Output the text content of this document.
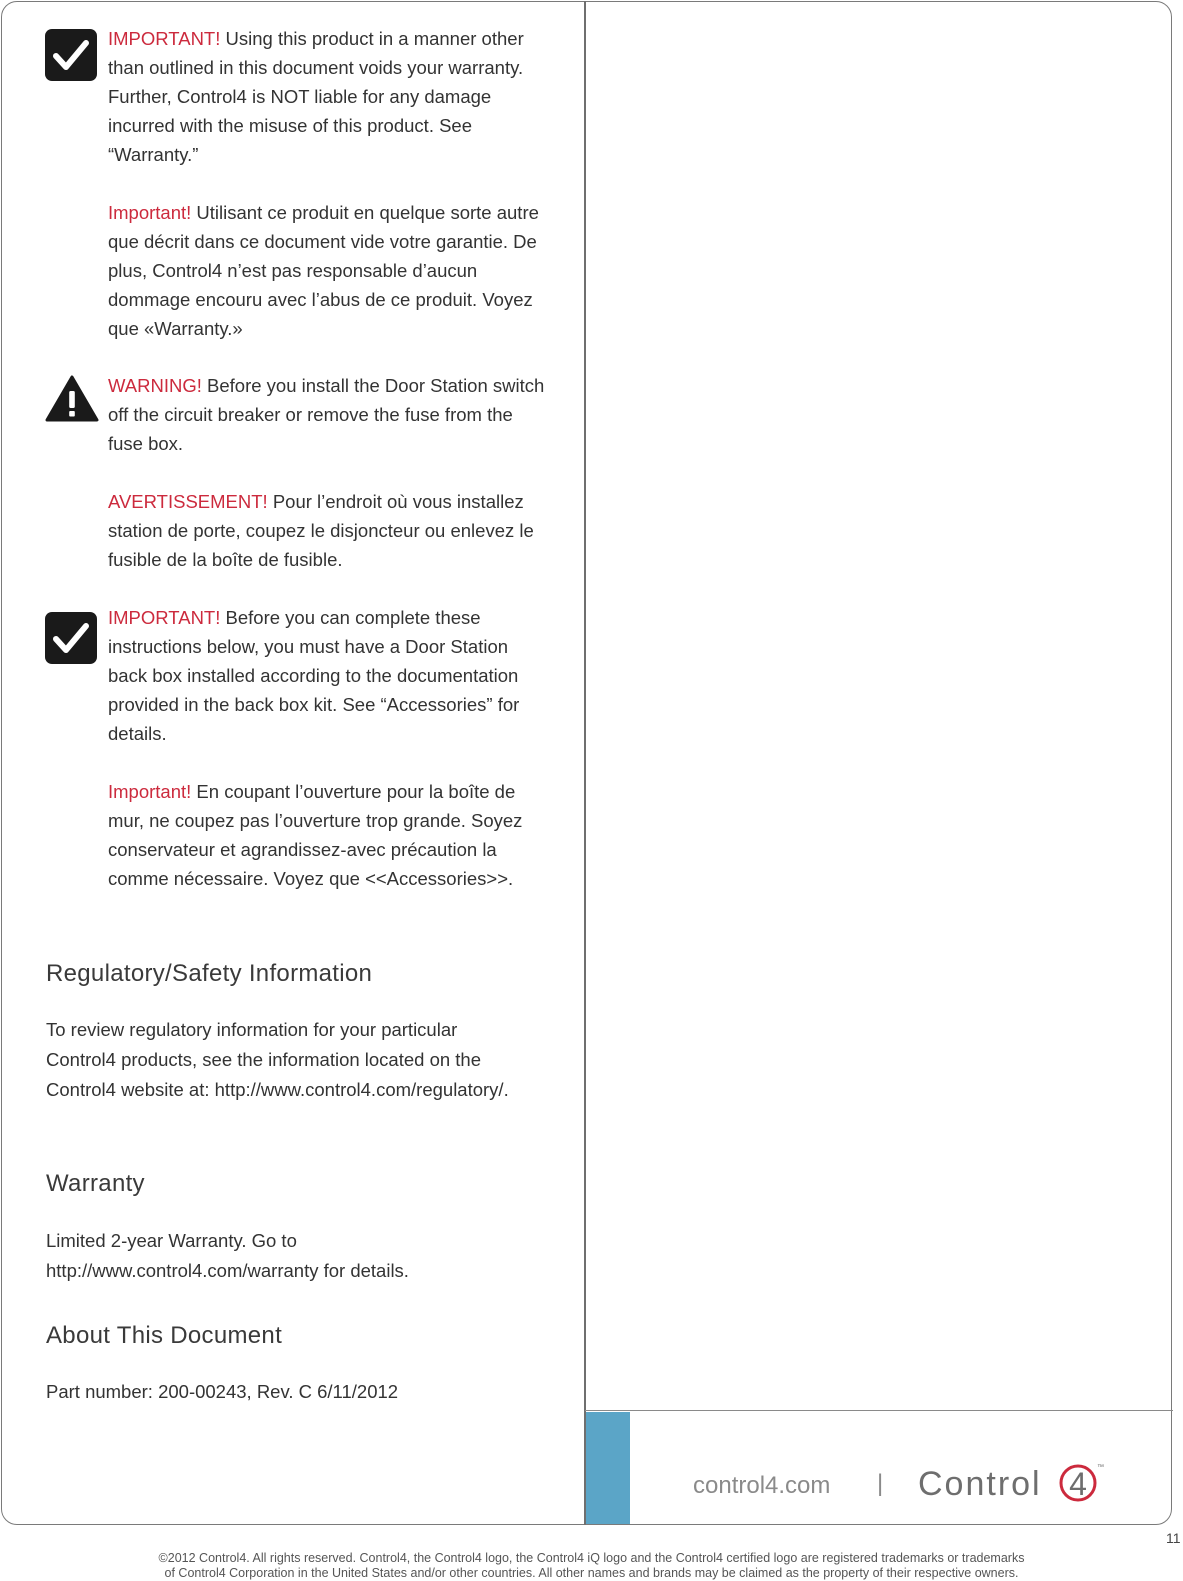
IMPORTANT! Using this product in a manner other than outlined in this document voids your warranty. Further, Control4 is NOT liable for any damage incurred with the misuse of this product. See “Warranty.”

Important! Utilisant ce produit en quelque sorte autre que décrit dans ce document vide votre garantie. De plus, Control4 n’est pas responsable d’aucun dommage encouru avec l’abus de ce produit. Voyez que «Warranty.»

WARNING! Before you install the Door Station switch off the circuit breaker or remove the fuse from the fuse box.

AVERTISSEMENT! Pour l’endroit où vous installez station de porte, coupez le disjoncteur ou enlevez le fusible de la boîte de fusible.

IMPORTANT! Before you can complete these instructions below, you must have a Door Station back box installed according to the documentation provided in the back box kit. See “Accessories” for details.

Important! En coupant l’ouverture pour la boîte de mur, ne coupez pas l’ouverture trop grande. Soyez conservateur et agrandissez-avec précaution la comme nécessaire. Voyez que <<Accessories>>.

Regulatory/Safety Information

To review regulatory information for your particular Control4 products, see the information located on the Control4 website at: http://www.control4.com/regulatory/.

Warranty

Limited 2-year Warranty. Go to http://www.control4.com/warranty for details.

About This Document

Part number: 200-00243, Rev. C 6/11/2012

control4.com | Control 4 ™
11

©2012 Control4. All rights reserved. Control4, the Control4 logo, the Control4 iQ logo and the Control4 certified logo are registered trademarks or trademarks

of Control4 Corporation in the United States and/or other countries. All other names and brands may be claimed as the property of their respective owners.
